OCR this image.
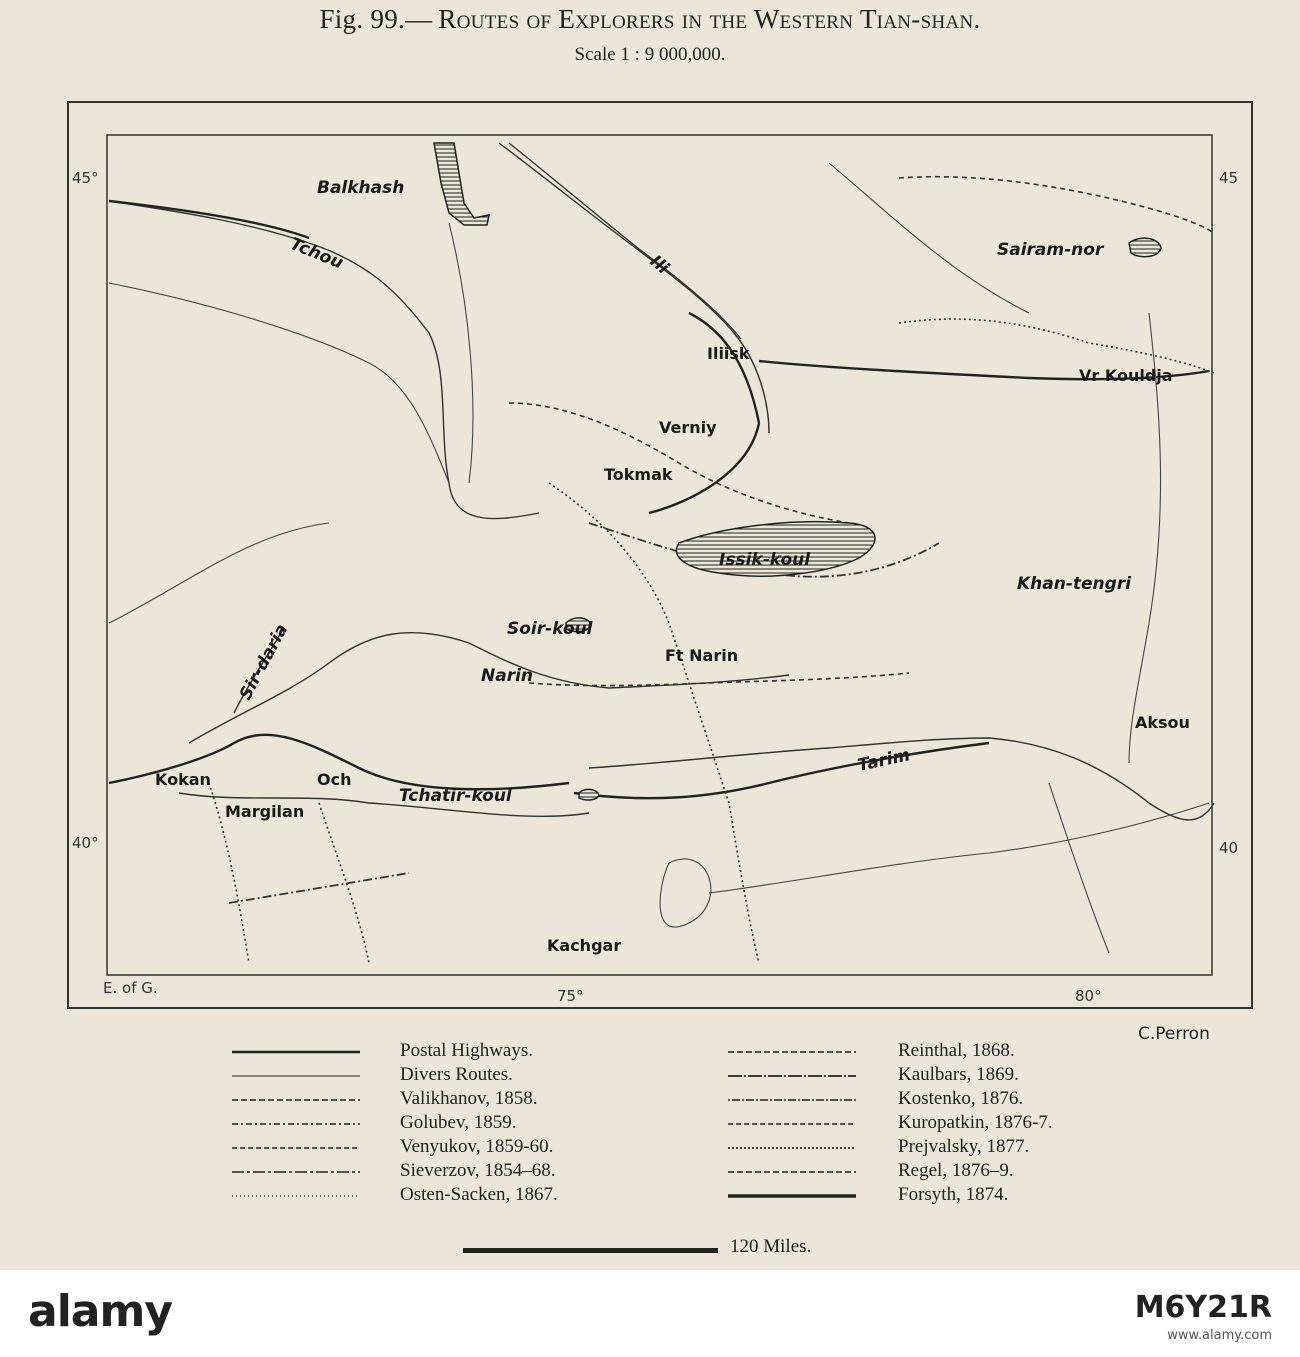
Fig. 99.— Routes of Explorers in the Western Tian-shan.
Scale 1 : 9 000,000.
Balkhash
Tchou	Ili
Sairam-nor
Iliisk
Vr Kouldja
Verniy
Tokmak
Issik-koul
Khan-tengri
Soir-koul
Ft Narin
Narin
Sir-daria
Aksou
Tarim
Kokan	Och
Margilan
Tchatir-koul
Kachgar
45°	45
40°	40
75°	80°
E. of G.
C.Perron
Postal Highways.
Divers Routes.
Valikhanov, 1858.
Golubev, 1859.
Venyukov, 1859-60.
Sieverzov, 1854–68.
Osten-Sacken, 1867.
Reinthal, 1868.
Kaulbars, 1869.
Kostenko, 1876.
Kuropatkin, 1876-7.
Prejvalsky, 1877.
Regel, 1876–9.
Forsyth, 1874.
120 Miles.
alamy	M6Y21R
www.alamy.com
